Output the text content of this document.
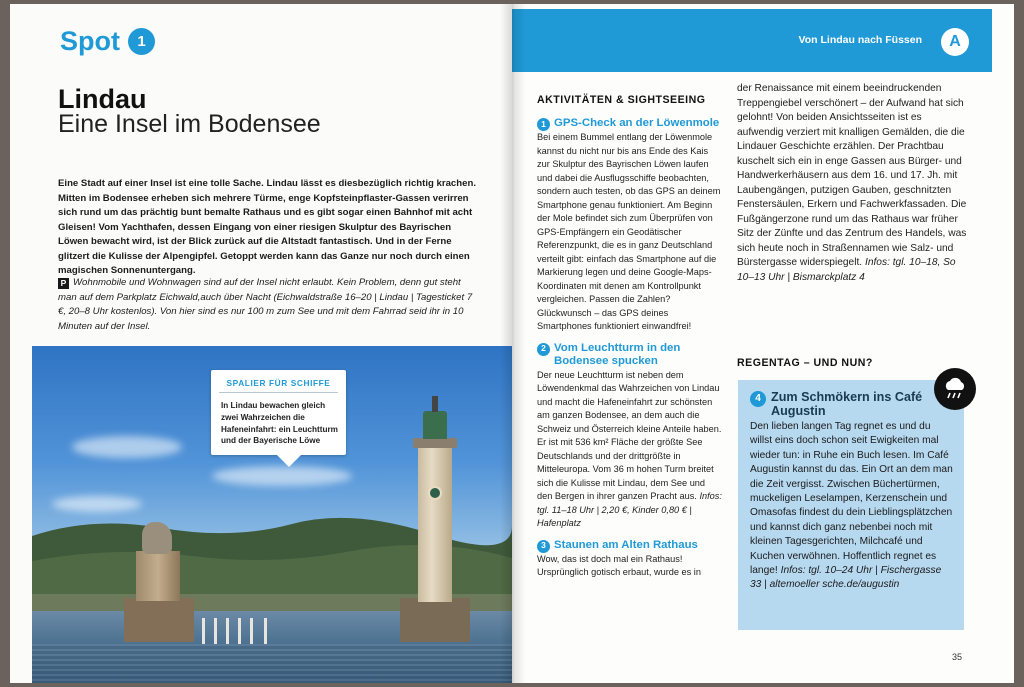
Spot	1
Lindau
Eine Insel im Bodensee
Eine Stadt auf einer Insel ist eine tolle Sache. Lindau lässt es diesbezüglich richtig krachen. Mitten im Bodensee erheben sich mehrere Türme, enge Kopfsteinpflaster-Gassen verirren sich rund um das prächtig bunt bemalte Rathaus und es gibt sogar einen Bahnhof mit acht Gleisen! Vom Yachthafen, dessen Eingang von einer riesigen Skulptur des Bayrischen Löwen bewacht wird, ist der Blick zurück auf die Altstadt fantastisch. Und in der Ferne glitzert die Kulisse der Alpengipfel. Getoppt werden kann das Ganze nur noch durch einen magischen Sonnenuntergang.
P Wohnmobile und Wohnwagen sind auf der Insel nicht erlaubt. Kein Problem, denn gut steht man auf dem Parkplatz Eichwald,auch über Nacht (Eichwaldstraße 16–20 | Lindau | Tagesticket 7 €, 20–8 Uhr kostenlos). Von hier sind es nur 100 m zum See und mit dem Fahrrad seid ihr in 10 Minuten auf der Insel.
SPALIER FÜR SCHIFFE
In Lindau bewachen gleich zwei Wahrzeichen die Hafeneinfahrt: ein Leuchtturm und der Bayerische Löwe
Von Lindau nach Füssen	A
AKTIVITÄTEN & SIGHTSEEING
1 GPS-Check an der Löwenmole

Bei einem Bummel entlang der Löwenmole kannst du nicht nur bis ans Ende des Kais zur Skulptur des Bayrischen Löwen laufen und dabei die Ausflugsschiffe beobachten, sondern auch testen, ob das GPS an deinem Smartphone genau funktioniert. Am Beginn der Mole befindet sich zum Überprüfen von GPS-Empfängern ein Geodätischer Referenzpunkt, die es in ganz Deutschland verteilt gibt: einfach das Smartphone auf die Markierung legen und deine Google-Maps-Koordinaten mit denen am Kontrollpunkt vergleichen. Passen die Zahlen? Glückwunsch – das GPS deines Smartphones funktioniert einwandfrei!

2 Vom Leuchtturm in den Bodensee spucken

Der neue Leuchtturm ist neben dem Löwendenkmal das Wahrzeichen von Lindau und macht die Hafeneinfahrt zur schönsten am ganzen Bodensee, an dem auch die Schweiz und Österreich kleine Anteile haben. Er ist mit 536 km² Fläche der größte See Deutschlands und der drittgrößte in Mitteleuropa. Vom 36 m hohen Turm breitet sich die Kulisse mit Lindau, dem See und den Bergen in ihrer ganzen Pracht aus. Infos: tgl. 11–18 Uhr | 2,20 €, Kinder 0,80 € | Hafenplatz

3 Staunen am Alten Rathaus

Wow, das ist doch mal ein Rathaus! Ursprünglich gotisch erbaut, wurde es in

der Renaissance mit einem beeindruckenden Treppengiebel verschönert – der Aufwand hat sich gelohnt! Von beiden Ansichtsseiten ist es aufwendig verziert mit knalligen Gemälden, die die Lindauer Geschichte erzählen. Der Prachtbau kuschelt sich ein in enge Gassen aus Bürger- und Handwerkerhäusern aus dem 16. und 17. Jh. mit Laubengängen, putzigen Gauben, geschnitzten Fenstersäulen, Erkern und Fachwerkfassaden. Die Fußgängerzone rund um das Rathaus war früher Sitz der Zünfte und das Zentrum des Handels, was sich heute noch in Straßennamen wie Salz- und Bürstergasse widerspiegelt. Infos: tgl. 10–18, So 10–13 Uhr | Bismarckplatz 4

REGENTAG – UND NUN?
4 Zum Schmökern ins Café Augustin

Den lieben langen Tag regnet es und du willst eins doch schon seit Ewigkeiten mal wieder tun: in Ruhe ein Buch lesen. Im Café Augustin kannst du das. Ein Ort an dem man die Zeit vergisst. Zwischen Büchertürmen, muckeligen Leselampen, Kerzenschein und Omasofas findest du dein Lieblingsplätzchen und kannst dich ganz nebenbei noch mit kleinen Tagesgerichten, Milchcafé und Kuchen verwöhnen. Hoffentlich regnet es lange! Infos: tgl. 10–24 Uhr | Fischergasse 33 | altemoeller sche.de/augustin

35
